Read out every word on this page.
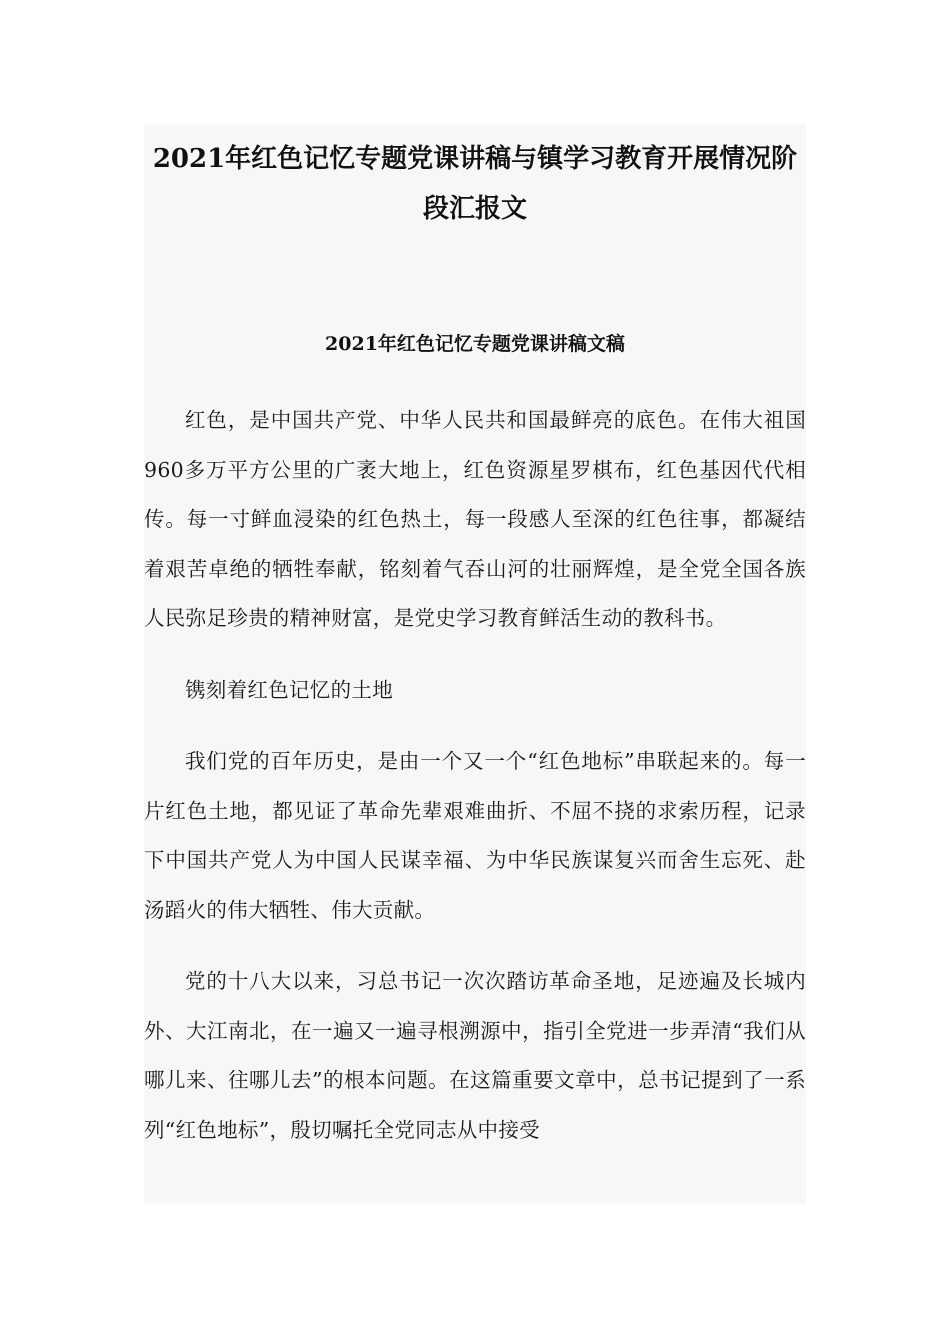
2021年红色记忆专题党课讲稿与镇学习教育开展情况阶段汇报文
2021年红色记忆专题党课讲稿文稿

红色，是中国共产党、中华人民共和国最鲜亮的底色。在伟大祖国960多万平方公里的广袤大地上，红色资源星罗棋布，红色基因代代相传。每一寸鲜血浸染的红色热土，每一段感人至深的红色往事，都凝结着艰苦卓绝的牺牲奉献，铭刻着气吞山河的壮丽辉煌，是全党全国各族人民弥足珍贵的精神财富，是党史学习教育鲜活生动的教科书。

镌刻着红色记忆的土地

我们党的百年历史，是由一个又一个“红色地标”串联起来的。每一片红色土地，都见证了革命先辈艰难曲折、不屈不挠的求索历程，记录下中国共产党人为中国人民谋幸福、为中华民族谋复兴而舍生忘死、赴汤蹈火的伟大牺牲、伟大贡献。

党的十八大以来，习总书记一次次踏访革命圣地，足迹遍及长城内外、大江南北，在一遍又一遍寻根溯源中，指引全党进一步弄清“我们从哪儿来、往哪儿去”的根本问题。在这篇重要文章中，总书记提到了一系列“红色地标”，殷切嘱托全党同志从中接受
